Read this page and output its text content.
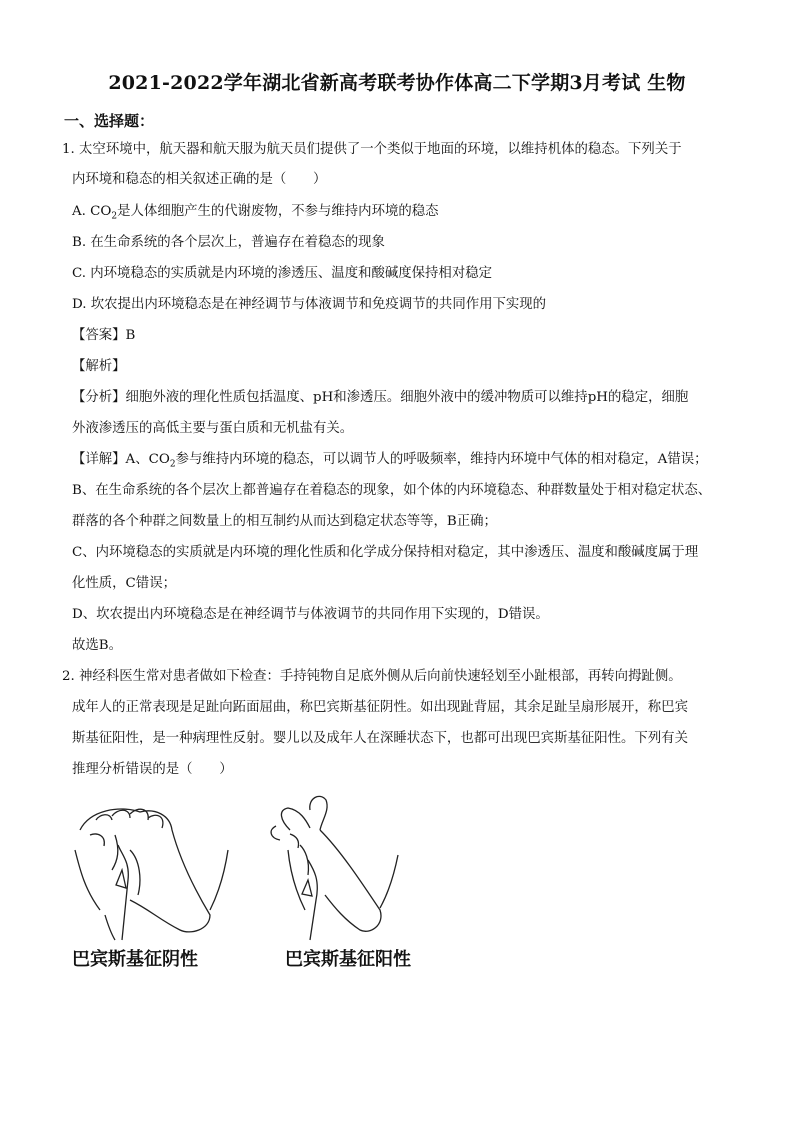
2021-2022学年湖北省新高考联考协作体高二下学期3月考试 生物
一、选择题：
1. 太空环境中，航天器和航天服为航天员们提供了一个类似于地面的环境，以维持机体的稳态。下列关于
内环境和稳态的相关叙述正确的是（　　）
A. $CO_2$是人体细胞产生的代谢废物，不参与维持内环境的稳态
B. 在生命系统的各个层次上，普遍存在着稳态的现象
C. 内环境稳态的实质就是内环境的渗透压、温度和酸碱度保持相对稳定
D. 坎农提出内环境稳态是在神经调节与体液调节和免疫调节的共同作用下实现的
【答案】B
【解析】
【分析】细胞外液的理化性质包括温度、pH和渗透压。细胞外液中的缓冲物质可以维持pH的稳定，细胞
外液渗透压的高低主要与蛋白质和无机盐有关。
【详解】A、$CO_2$参与维持内环境的稳态，可以调节人的呼吸频率，维持内环境中气体的相对稳定，A错误；
B、在生命系统的各个层次上都普遍存在着稳态的现象，如个体的内环境稳态、种群数量处于相对稳定状态、
群落的各个种群之间数量上的相互制约从而达到稳定状态等等，B正确；
C、内环境稳态的实质就是内环境的理化性质和化学成分保持相对稳定，其中渗透压、温度和酸碱度属于理
化性质，C错误；
D、坎农提出内环境稳态是在神经调节与体液调节的共同作用下实现的，D错误。
故选B。
2. 神经科医生常对患者做如下检查：手持钝物自足底外侧从后向前快速轻划至小趾根部，再转向拇趾侧。
成年人的正常表现是足趾向跖面屈曲，称巴宾斯基征阴性。如出现趾背屈，其余足趾呈扇形展开，称巴宾
斯基征阳性，是一种病理性反射。婴儿以及成年人在深睡状态下，也都可出现巴宾斯基征阳性。下列有关
推理分析错误的是（　　）
巴宾斯基征阴性	巴宾斯基征阳性
